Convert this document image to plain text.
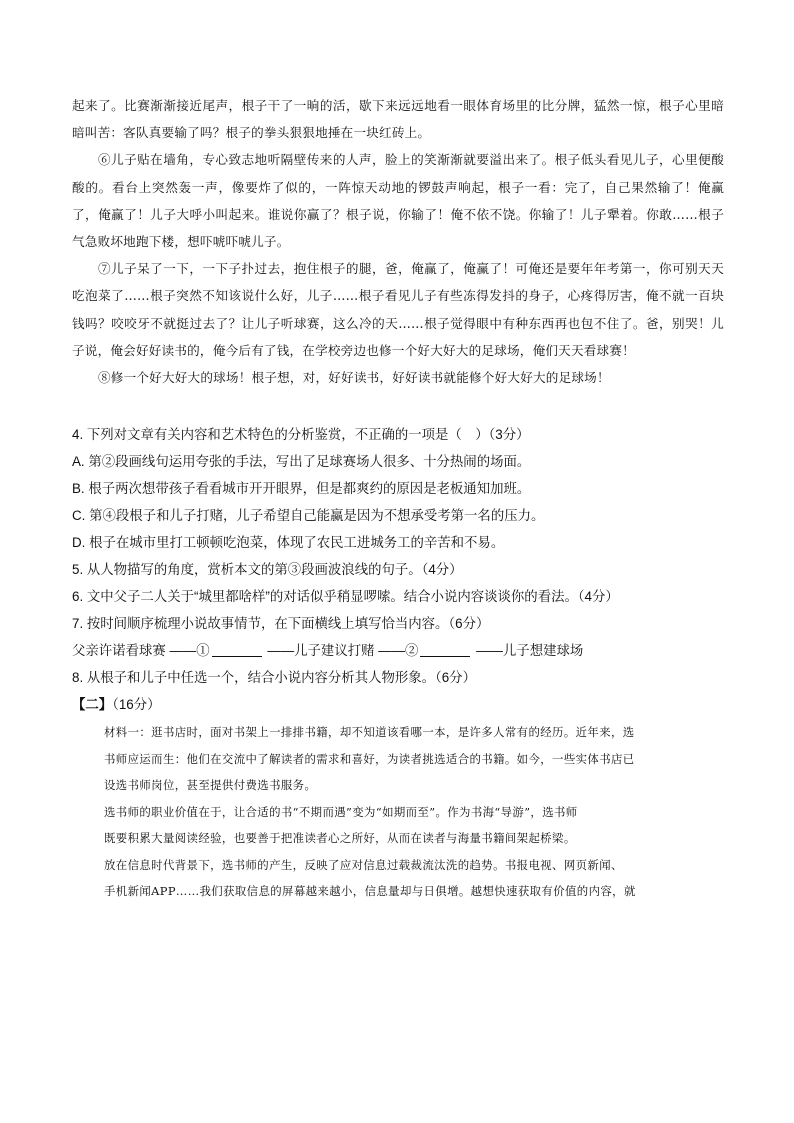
起来了。比赛渐渐接近尾声，根子干了一晌的活，歇下来远远地看一眼体育场里的比分牌，猛然一惊，根子心里暗暗叫苦：客队真要输了吗？根子的拳头狠狠地捶在一块红砖上。

⑥儿子贴在墙角，专心致志地听隔壁传来的人声，脸上的笑渐渐就要溢出来了。根子低头看见儿子，心里便酸酸的。看台上突然轰一声，像要炸了似的，一阵惊天动地的锣鼓声响起，根子一看：完了，自己果然输了！俺赢了，俺赢了！儿子大呼小叫起来。谁说你赢了？根子说，你输了！俺不依不饶。你输了！儿子犟着。你敢……根子气急败坏地跑下楼，想吓唬吓唬儿子。

⑦儿子呆了一下，一下子扑过去，抱住根子的腿，爸，俺赢了，俺赢了！可俺还是要年年考第一，你可别天天吃泡菜了……根子突然不知该说什么好，儿子……根子看见儿子有些冻得发抖的身子，心疼得厉害，俺不就一百块钱吗？咬咬牙不就挺过去了？让儿子听球赛，这么冷的天……根子觉得眼中有种东西再也包不住了。爸，别哭！儿子说，俺会好好读书的，俺今后有了钱，在学校旁边也修一个好大好大的足球场，俺们天天看球赛！

⑧修一个好大好大的球场！根子想，对，好好读书，好好读书就能修个好大好大的足球场！

4. 下列对文章有关内容和艺术特色的分析鉴赏，不正确的一项是（　）（3分）

A. 第②段画线句运用夸张的手法，写出了足球赛场人很多、十分热闹的场面。

B. 根子两次想带孩子看看城市开开眼界，但是都爽约的原因是老板通知加班。

C. 第④段根子和儿子打赌，儿子希望自己能赢是因为不想承受考第一名的压力。

D. 根子在城市里打工顿顿吃泡菜，体现了农民工进城务工的辛苦和不易。

5. 从人物描写的角度，赏析本文的第③段画波浪线的句子。（4分）

6. 文中父子二人关于“城里都啥样”的对话似乎稍显啰嗦。结合小说内容谈谈你的看法。（4分）

7. 按时间顺序梳理小说故事情节，在下面横线上填写恰当内容。（6分）

父亲许诺看球赛 ——①	——儿子建议打赌 ——②	——儿子想建球场

8. 从根子和儿子中任选一个，结合小说内容分析其人物形象。（6分）

【二】（16分）

材料一：逛书店时，面对书架上一排排书籍，却不知道该看哪一本，是许多人常有的经历。近年来，选

书师应运而生：他们在交流中了解读者的需求和喜好，为读者挑选适合的书籍。如今，一些实体书店已

设选书师岗位，甚至提供付费选书服务。

选书师的职业价值在于，让合适的书“不期而遇”变为“如期而至”。作为书海“导游”，选书师

既要积累大量阅读经验，也要善于把准读者心之所好，从而在读者与海量书籍间架起桥梁。

放在信息时代背景下，选书师的产生，反映了应对信息过载裁流汰洗的趋势。书报电视、网页新闻、

手机新闻APP……我们获取信息的屏幕越来越小，信息量却与日俱增。越想快速获取有价值的内容，就
